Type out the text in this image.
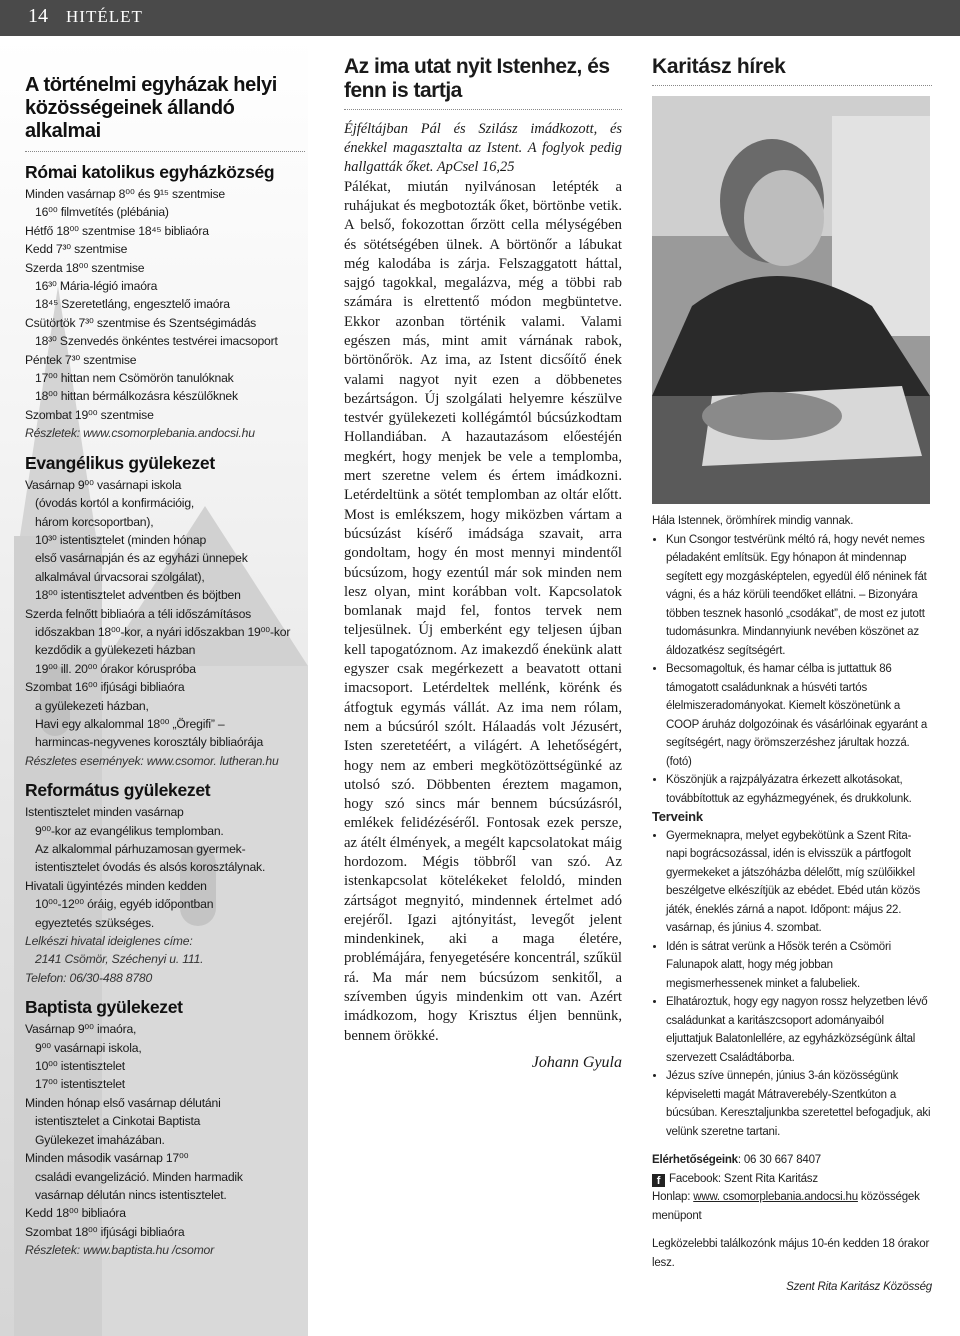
14 HITÉLET
A történelmi egyházak helyi közösségeinek állandó alkalmai
Római katolikus egyházközség
Minden vasárnap 8⁰⁰ és 9¹⁵ szentmise
16⁰⁰ filmvetítés (plébánia)
Hétfő 18⁰⁰ szentmise 18⁴⁵ bibliaóra
Kedd 7³⁰ szentmise
Szerda 18⁰⁰ szentmise
16³⁰ Mária-légió imaóra
18⁴⁵ Szeretetláng, engesztelő imaóra
Csütörtök 7³⁰ szentmise és Szentségimádás
18³⁰ Szenvedés önkéntes testvérei imacsoport
Péntek 7³⁰ szentmise
17⁰⁰ hittan nem Csömörön tanulóknak
18⁰⁰ hittan bérmálkozásra készülőknek
Szombat 19⁰⁰ szentmise
Részletek: www.csomorplebania.andocsi.hu
Evangélikus gyülekezet
Vasárnap 9⁰⁰ vasárnapi iskola
(óvodás kortól a konfirmációig,
három korcsoportban),
10³⁰ istentisztelet (minden hónap
első vasárnapján és az egyházi ünnepek
alkalmával úrvacsorai szolgálat),
18⁰⁰ istentisztelet adventben és böjtben
Szerda felnőtt bibliaóra a téli időszámításos
időszakban 18⁰⁰-kor, a nyári időszakban 19⁰⁰-kor
kezdődik a gyülekezeti házban
19⁰⁰ ill. 20⁰⁰ órakor kóruspróba
Szombat 16⁰⁰ ifjúsági bibliaóra
a gyülekezeti házban,
Havi egy alkalommal 18⁰⁰ „Öregifi” –
harmincas-negyvenes korosztály bibliaórája
Részletes események: www.csomor. lutheran.hu
Református gyülekezet
Istentisztelet minden vasárnap
9⁰⁰-kor az evangélikus templomban.
Az alkalommal párhuzamosan gyermek-
istentisztelet óvodás és alsós korosztálynak.
Hivatali ügyintézés minden kedden
10⁰⁰-12⁰⁰ óráig, egyéb időpontban
egyeztetés szükséges.
Lelkészi hivatal ideiglenes címe:
2141 Csömör, Széchenyi u. 111.
Telefon: 06/30-488 8780
Baptista gyülekezet
Vasárnap 9⁰⁰ imaóra,
9⁰⁰ vasárnapi iskola,
10⁰⁰ istentisztelet
17⁰⁰ istentisztelet
Minden hónap első vasárnap délutáni
istentisztelet a Cinkotai Baptista
Gyülekezet imaházában.
Minden második vasárnap 17⁰⁰
családi evangelizáció. Minden harmadik
vasárnap délután nincs istentisztelet.
Kedd 18⁰⁰ bibliaóra
Szombat 18⁰⁰ ifjúsági bibliaóra
Részletek: www.baptista.hu /csomor
Az ima utat nyit Istenhez, és fenn is tartja

Éjféltájban Pál és Szilász imádkozott, és énekkel magasztalta az Istent. A foglyok pedig hallgatták őket. ApCsel 16,25

Pálékat, miután nyilvánosan letépték a ruhájukat és megbotozták őket, börtönbe vetik. A belső, fokozottan őrzött cella mélységében és sötétségében ülnek. A börtönőr a lábukat még kalodába is zárja. Felszaggatott háttal, sajgó tagokkal, megalázva, még a többi rab számára is elrettentő módon megbüntetve. Ekkor azonban történik valami. Valami egészen más, mint amit várnának rabok, börtönőrök. Az ima, az Istent dicsőítő ének valami nagyot nyit ezen a döbbenetes bezártságon. Új szolgálati helyemre készülve testvér gyülekezeti kollégámtól búcsúzkodtam Hollandiában. A hazautazásom előestéjén megkért, hogy menjek be vele a templomba, mert szeretne velem és értem imádkozni. Letérdeltünk a sötét templomban az oltár előtt. Most is emlékszem, hogy miközben vártam a búcsúzást kísérő imádsága szavait, arra gondoltam, hogy én most mennyi mindentől búcsúzom, hogy ezentúl már sok minden nem lesz olyan, mint korábban volt. Kapcsolatok bomlanak majd fel, fontos tervek nem teljesülnek. Új emberként egy teljesen újban kell tapogatóznom. Az imakezdő énekünk alatt egyszer csak megérkezett a beavatott ottani imacsoport. Letérdeltek mellénk, körénk és átfogtuk egymás vállát. Az ima nem rólam, nem a búcsúról szólt. Hálaadás volt Jézusért, Isten szeretetéért, a világért. A lehetőségért, hogy nem az emberi megkötözöttségünké az utolsó szó. Döbbenten éreztem magamon, hogy szó sincs már bennem búcsúzásról, emlékek felidézéséről. Fontosak ezek persze, az átélt élmények, a megélt kapcsolatokat máig hordozom. Mégis többről van szó. Az istenkapcsolat kötelékeket feloldó, minden zártságot megnyitó, mindennek értelmet adó erejéről. Igazi ajtónyitást, levegőt jelent mindenkinek, aki a maga életére, problémájára, fenyegetésére koncentrál, szűkül rá. Ma már nem búcsúzom senkitől, a szívemben úgyis mindenkim ott van. Azért imádkozom, hogy Krisztus éljen bennünk, bennem örökké.

Johann Gyula
Karitász hírek
Hála Istennek, örömhírek mindig vannak.
• Kun Csongor testvérünk méltó rá, hogy nevét nemes péladaként említsük. Egy hónapon át mindennap segített egy mozgásképtelen, egyedül élő néninek fát vágni, és a ház körüli teendőket ellátni. – Bizonyára többen tesznek hasonló „csodákat”, de most ez jutott tudomásunkra. Mindannyiunk nevében köszönet az áldozatkész segítségért.
• Becsomagoltuk, és hamar célba is juttattuk 86 támogatott családunknak a húsvéti tartós élelmiszeradományokat. Kiemelt köszönetünk a COOP áruház dolgozóinak és vásárlóinak egyaránt a segítségért, nagy örömszerzéshez járultak hozzá. (fotó)
• Köszönjük a rajzpályázatra érkezett alkotásokat, továbbítottuk az egyházmegyének, és drukkolunk.
Terveink
• Gyermeknapra, melyet egybekötünk a Szent Rita-napi bográcsozással, idén is elvisszük a pártfogolt gyermekeket a játszóházba délelőtt, míg szülőikkel beszélgetve elkészítjük az ebédet. Ebéd után közös játék, éneklés zárná a napot. Időpont: május 22. vasárnap, és június 4. szombat.
• Idén is sátrat verünk a Hősök terén a Csömöri Falunapok alatt, hogy még jobban megismerhessenek minket a falubeliek.
• Elhatároztuk, hogy egy nagyon rossz helyzetben lévő családunkat a karitászcsoport adományaiból eljuttatjuk Balatonlellére, az egyházközségünk által szervezett Családtáborba.
• Jézus szíve ünnepén, június 3-án közösségünk képviseletti magát Mátraverebély-Szentkúton a búcsúban. Keresztaljunkba szeretettel befogadjuk, aki velünk szeretne tartani.
Elérhetőségeink: 06 30 667 8407
f Facebook: Szent Rita Karitász
Honlap: www. csomorplebania.andocsi.hu közösségek menüpont
Legközelebbi találkozónk május 10-én kedden 18 órakor lesz.
Szent Rita Karitász Közösség
